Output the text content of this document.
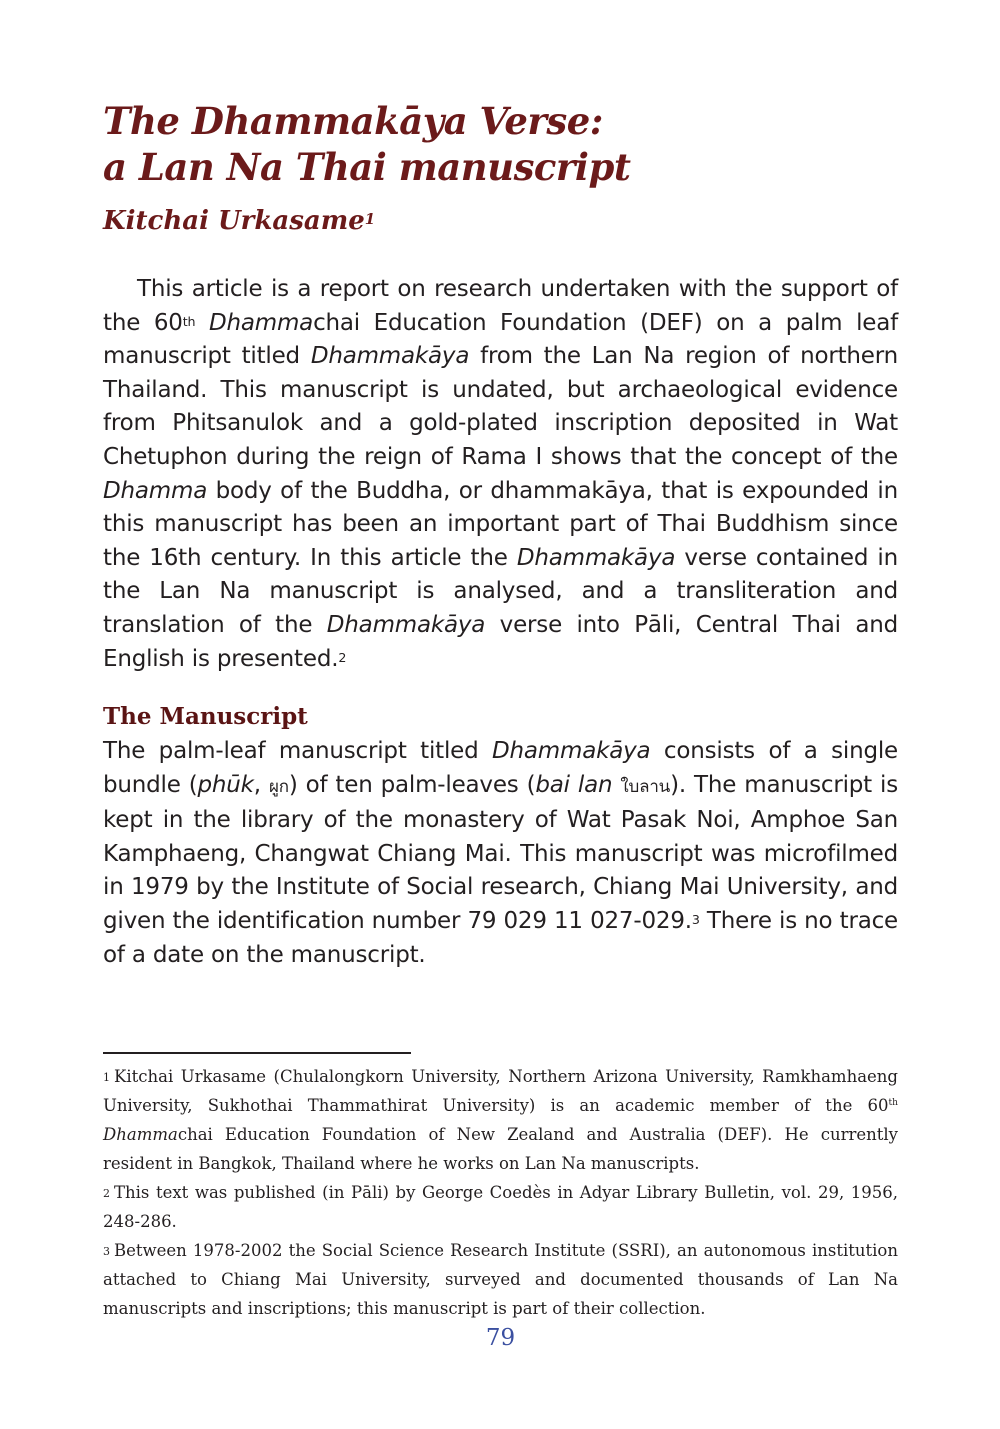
The Dhammakāya Verse:
a Lan Na Thai manuscript
Kitchai Urkasame$^1$

This article is a report on research undertaken with the support of the 60th Dhammachai Education Foundation (DEF) on a palm leaf manuscript titled Dhammakāya from the Lan Na region of northern Thailand. This manuscript is undated, but archaeological evidence from Phitsanulok and a gold-plated inscription deposited in Wat Chetuphon during the reign of Rama I shows that the concept of the Dhamma body of the Buddha, or dhammakāya, that is expounded in this manuscript has been an important part of Thai Buddhism since the 16th century. In this article the Dhammakāya verse contained in the Lan Na manuscript is analysed, and a transliteration and translation of the Dhammakāya verse into Pāli, Central Thai and English is presented.$^2$

The Manuscript

The palm-leaf manuscript titled Dhammakāya consists of a single bundle (phūk, ผูก) of ten palm-leaves (bai lan ใบลาน). The manuscript is kept in the library of the monastery of Wat Pasak Noi, Amphoe San Kamphaeng, Changwat Chiang Mai. This manuscript was microfilmed in 1979 by the Institute of Social research, Chiang Mai University, and given the identification number 79 029 11 027-029.$^3$ There is no trace of a date on the manuscript.

$^1$ Kitchai Urkasame (Chulalongkorn University, Northern Arizona University, Ramkhamhaeng University, Sukhothai Thammathirat University) is an academic member of the 60th Dhammachai Education Foundation of New Zealand and Australia (DEF). He currently resident in Bangkok, Thailand where he works on Lan Na manuscripts.

$^2$ This text was published (in Pāli) by George Coedès in Adyar Library Bulletin, vol. 29, 1956, 248-286.

$^3$ Between 1978-2002 the Social Science Research Institute (SSRI), an autonomous institution attached to Chiang Mai University, surveyed and documented thousands of Lan Na manuscripts and inscriptions; this manuscript is part of their collection.

79
